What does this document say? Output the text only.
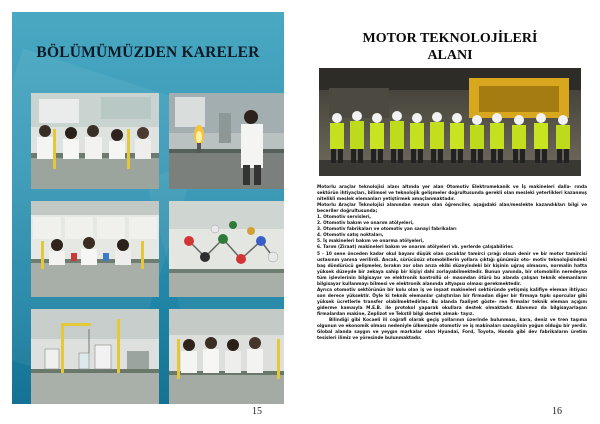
BÖLÜMÜMÜZDEN KARELER
15
MOTOR TEKNOLOJİLERİ
ALANI

Motorlu araçlar teknolojisi alanı altında yer alan Otomotiv Elektromekanik ve İş makineleri dalla- rında sektörün ihtiyaçları, bilimsel ve teknolojik gelişmeler doğrultusunda gerekli olan mesleki yeterlikleri kazanmış nitelikli meslek elemanları yetiştirmek amaçlanmaktadır.

Motorlu Araçlar Teknolojisi alanından mezun olan öğrenciler, aşağıdaki alan/meslekte kazandıkları bilgi ve beceriler doğrultusunda;

1. Otomotiv servisleri,

2. Otomotiv bakım ve onarım atölyeleri,

3. Otomotiv fabrikaları ve otomotiv yan sanayi fabrikaları

4. Otomotiv satış noktaları,

5. İş makineleri bakım ve onarma atölyeleri,

6. Tarım (Ziraat) makineleri bakım ve onarım atölyeleri vb. yerlerde çalışabilirler.

5 - 10 sene önceden kadar okul bayanı düşük olan çocuklar tamirci çırağı olsun denir ve bir motor tamircisi ustasının yanına verilirdi. Ancak, sürücüsüz otomobillerin yollara çıktığı günümüz oto- motiv teknolojisindeki baş döndürücü gelişmeler, bırakın zor olan arıza ekibi düzeyindeki bir kişinin uğraş olmasını, normalin hatta yüksek düzeyde bir zekaya sahip bir kişiyi dahi zorlayabilmektedir. Bunun yanında, bir otomobilin neredeyse tüm işlevlerinin bilgisayar ve elektronik kontrollü ol- masından ötürü bu alanda çalışan teknik elemanların bilgisayar kullanmayı bilmesi ve elektronik alanında altyapısı olması gerekmektedir.

Ayrıca otomotiv sektörünün bir kolu olan iş ve inşaat makineleri sektöründe yetişmiş kalifiye eleman ihtiyacı son derece yüksektir. Öyle ki teknik elemanlar çalıştırılan bir firmadan diğer bir firmaya tıpkı sporcular gibi yüksek ücretlerle transfer olabilmektedirler. Bu alanda faaliyet göste- ren firmalar teknik eleman açığını giderme kamaıyla M.E.B. ile protokol yaparak okullara destek olmaktadır. Alanımız da bilgisayarlaşan firmalardan makine, Zeplizot ve Tekstil bilgi destek almak- tayız.

Bilindiği gibi Kocaeli ili coğrafi olarak geçiş yollarının üzerinde bulunması, kara, deniz ve tren taşıma olgunun ve ekonomik olması nedeniyle ülkemizde otomotiv ve iş makinaları sanayiinin yoğun olduğu bir yerdir. Global alanda saygın ve yeygın markalar olan Hyundai, Ford, Toyota, Honda gibi dev fabrikaların üretim tesisleri ilimiz ve yöresinde bulunmaktadır.

16
